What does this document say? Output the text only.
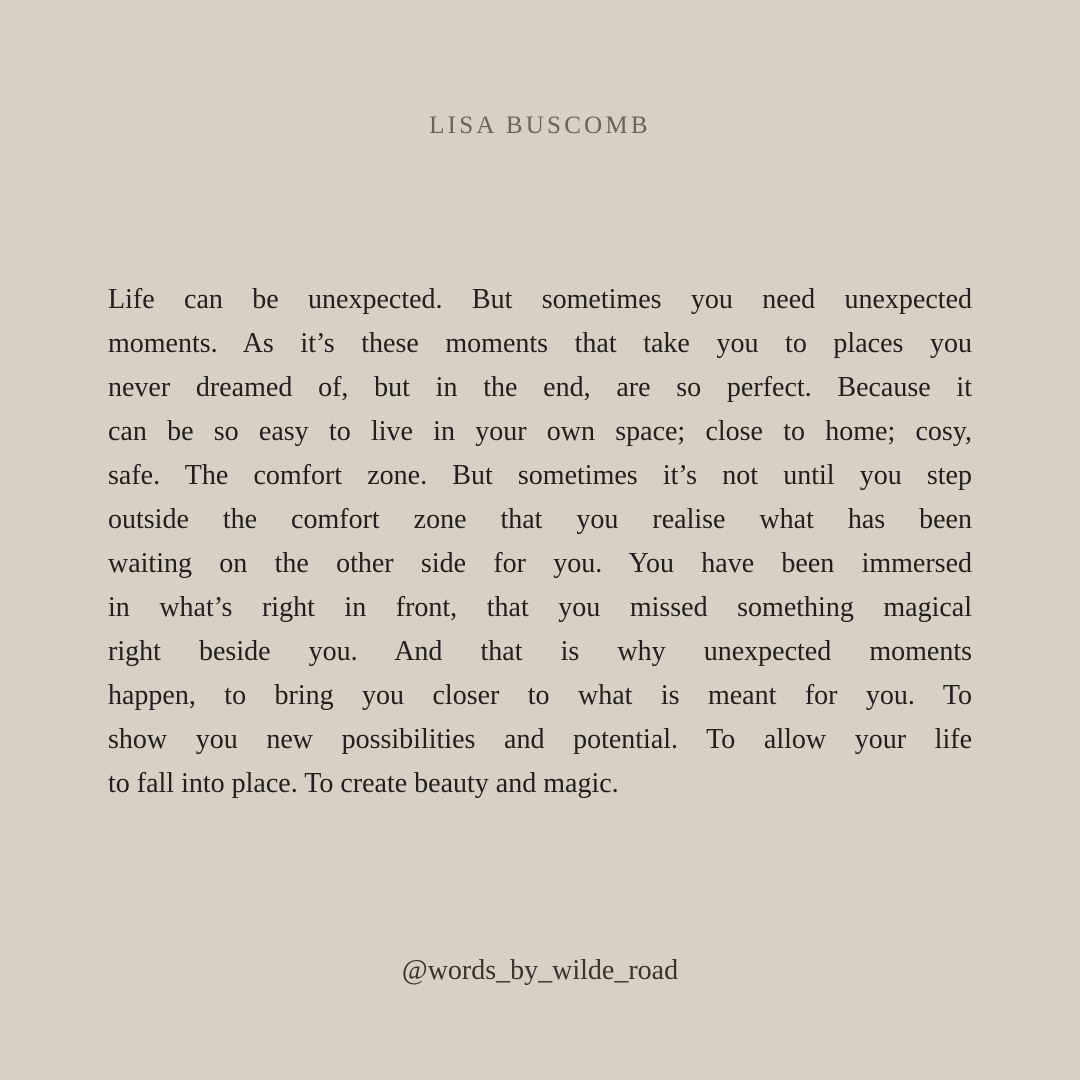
LISA BUSCOMB
Life can be unexpected. But sometimes you need unexpected
moments. As it’s these moments that take you to places you
never dreamed of, but in the end, are so perfect. Because it
can be so easy to live in your own space; close to home; cosy,
safe. The comfort zone. But sometimes it’s not until you step
outside the comfort zone that you realise what has been
waiting on the other side for you. You have been immersed
in what’s right in front, that you missed something magical
right beside you. And that is why unexpected moments
happen, to bring you closer to what is meant for you. To
show you new possibilities and potential. To allow your life
to fall into place. To create beauty and magic.
@words_by_wilde_road
